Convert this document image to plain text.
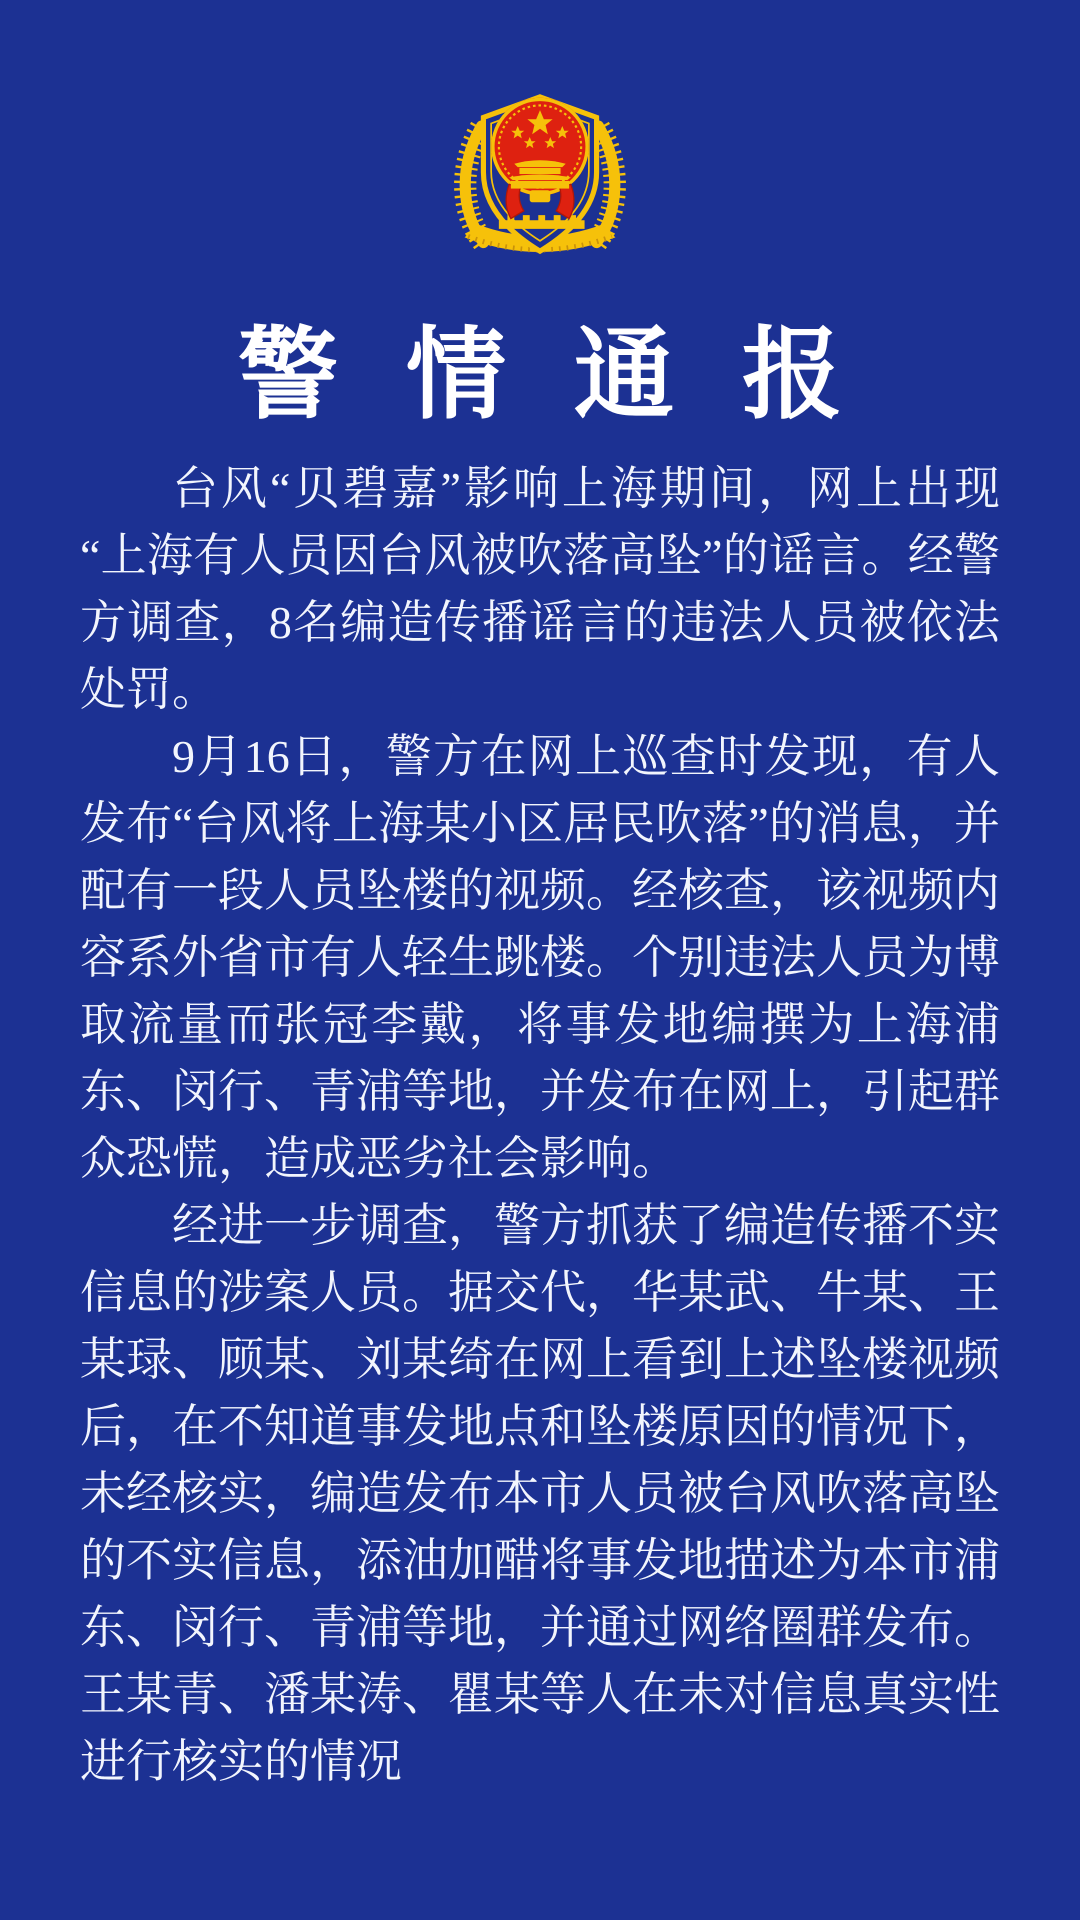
警情通报

台风“贝碧嘉”影响上海期间，网上出现“上海有人员因台风被吹落高坠”的谣言。经警方调查，8名编造传播谣言的违法人员被依法处罚。

9月16日，警方在网上巡查时发现，有人发布“台风将上海某小区居民吹落”的消息，并配有一段人员坠楼的视频。经核查，该视频内容系外省市有人轻生跳楼。个别违法人员为博取流量而张冠李戴，将事发地编撰为上海浦东、闵行、青浦等地，并发布在网上，引起群众恐慌，造成恶劣社会影响。

经进一步调查，警方抓获了编造传播不实信息的涉案人员。据交代，华某武、牛某、王某琭、顾某、刘某绮在网上看到上述坠楼视频后，在不知道事发地点和坠楼原因的情况下，未经核实，编造发布本市人员被台风吹落高坠的不实信息，添油加醋将事发地描述为本市浦东、闵行、青浦等地，并通过网络圈群发布。王某青、潘某涛、瞿某等人在未对信息真实性进行核实的情况
